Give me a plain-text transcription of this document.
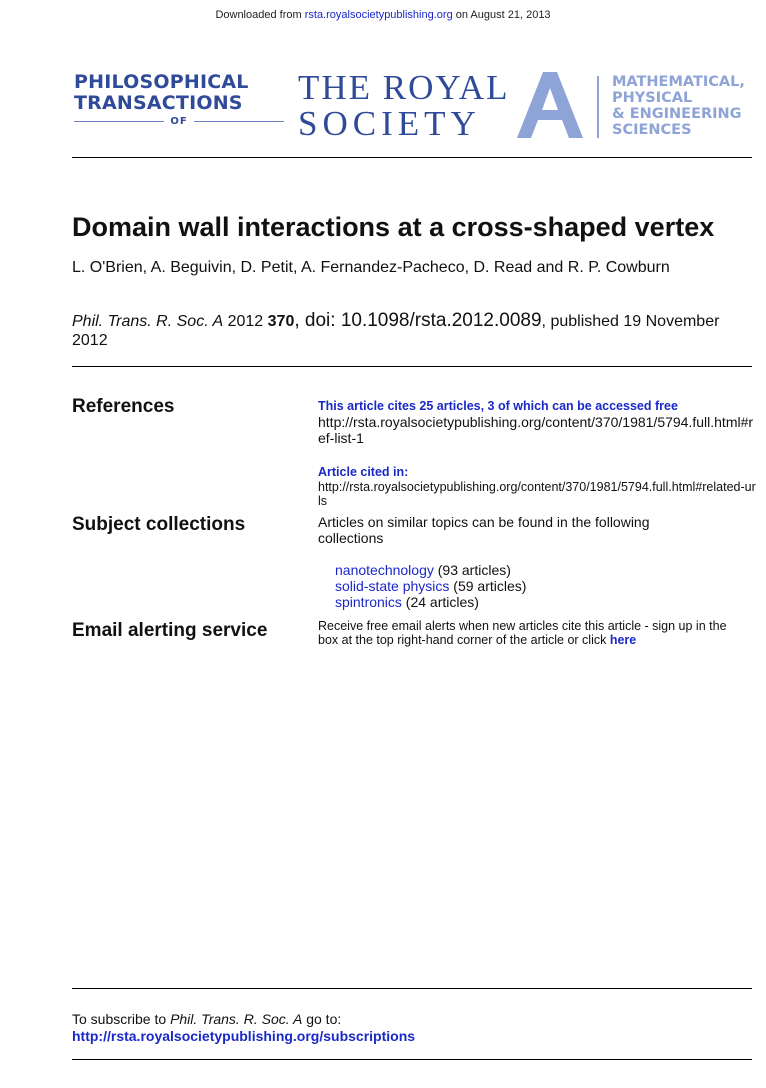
Downloaded from rsta.royalsocietypublishing.org on August 21, 2013
PHILOSOPHICAL
TRANSACTIONS
OF
THE ROYAL
SOCIETY
MATHEMATICAL,
PHYSICAL
& ENGINEERING
SCIENCES
Domain wall interactions at a cross-shaped vertex
L. O'Brien, A. Beguivin, D. Petit, A. Fernandez-Pacheco, D. Read and R. P. Cowburn
Phil. Trans. R. Soc. A 2012 370, doi: 10.1098/rsta.2012.0089, published 19 November 2012
References	This article cites 25 articles, 3 of which can be accessed free
http://rsta.royalsocietypublishing.org/content/370/1981/5794.full.html#ref-list-1
Article cited in:
http://rsta.royalsocietypublishing.org/content/370/1981/5794.full.html#related-urls
Subject collections	Articles on similar topics can be found in the following collections
nanotechnology (93 articles)
solid-state physics (59 articles)
spintronics (24 articles)
Email alerting service	Receive free email alerts when new articles cite this article - sign up in the box at the top right-hand corner of the article or click here
To subscribe to Phil. Trans. R. Soc. A go to:
http://rsta.royalsocietypublishing.org/subscriptions
